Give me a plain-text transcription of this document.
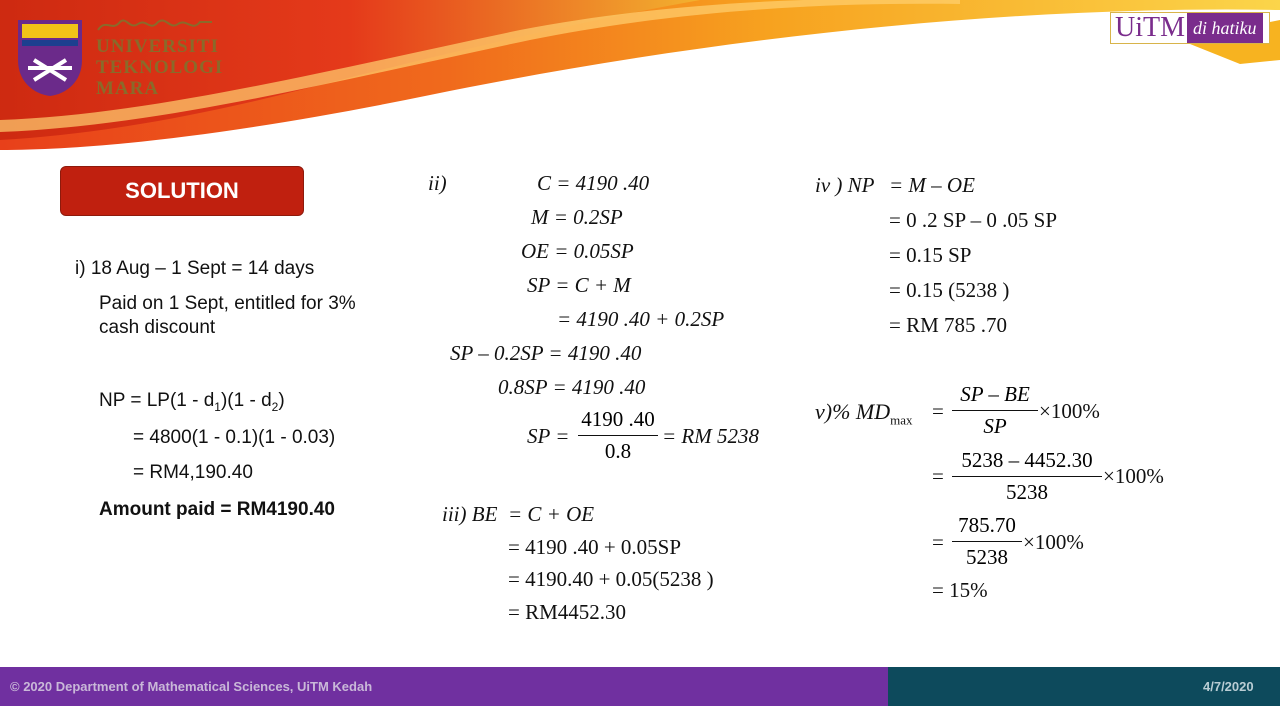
UNIVERSITI
TEKNOLOGI
MARA
UiTM di hatiku
SOLUTION
i) 18 Aug – 1 Sept = 14 days
Paid on 1 Sept, entitled for 3%
cash discount
NP = $LP(1 - d_1)(1 - d_2)$
= 4800(1 - 0.1)(1 - 0.03)
= RM4,190.40
Amount paid = RM4190.40
ii)	C = 4190 .40
M = 0.2SP
OE = 0.05SP
SP = C + M
= 4190 .40 + 0.2SP
SP – 0.2SP = 4190 .40
0.8SP = 4190 .40
SP =
4190 .40
0.8
= RM 5238
iii) BE = C + OE
= 4190 .40 + 0.05SP
= 4190.40 + 0.05(5238 )
= RM4452.30
iv ) NP = M – OE
= 0 .2 SP – 0 .05 SP
= 0.15 SP
= 0.15 (5238 )
= RM 785 .70
v)% $MD_{max}$ =
SP – BE
SP
×100%
=
5238 – 4452.30
5238
×100%
=
785.70
5238
×100%
= 15%
© 2020 Department of Mathematical Sciences, UiTM Kedah	4/7/2020
